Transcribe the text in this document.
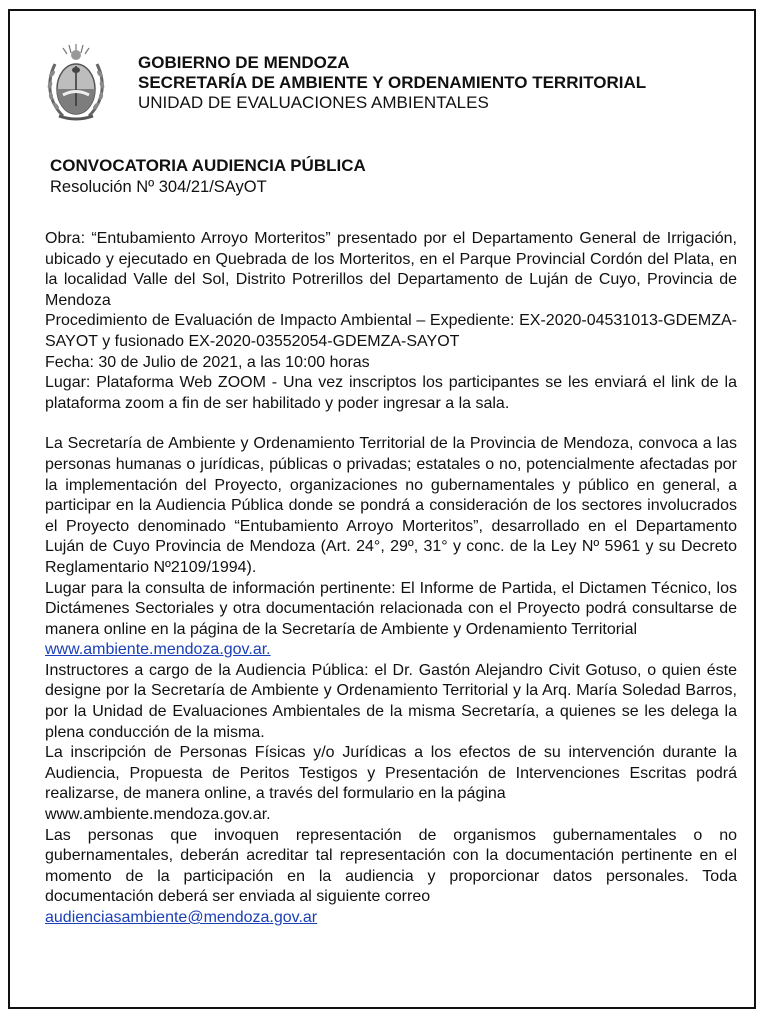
GOBIERNO DE MENDOZA
SECRETARÍA DE AMBIENTE Y ORDENAMIENTO TERRITORIAL
UNIDAD DE EVALUACIONES AMBIENTALES
CONVOCATORIA AUDIENCIA PÚBLICA
Resolución Nº 304/21/SAyOT

Obra: “Entubamiento Arroyo Morteritos” presentado por el Departamento General de Irrigación, ubicado y ejecutado en Quebrada de los Morteritos, en el Parque Provincial Cordón del Plata, en la localidad Valle del Sol, Distrito Potrerillos del Departamento de Luján de Cuyo, Provincia de Mendoza

Procedimiento de Evaluación de Impacto Ambiental – Expediente: EX-2020-04531013-GDEMZA-SAYOT y fusionado EX-2020-03552054-GDEMZA-SAYOT

Fecha: 30 de Julio de 2021, a las 10:00 horas

Lugar: Plataforma Web ZOOM - Una vez inscriptos los participantes se les enviará el link de la plataforma zoom a fin de ser habilitado y poder ingresar a la sala.

La Secretaría de Ambiente y Ordenamiento Territorial de la Provincia de Mendoza, convoca a las personas humanas o jurídicas, públicas o privadas; estatales o no, potencialmente afectadas por la implementación del Proyecto, organizaciones no gubernamentales y público en general, a participar en la Audiencia Pública donde se pondrá a consideración de los sectores involucrados el Proyecto denominado “Entubamiento Arroyo Morteritos”, desarrollado en el Departamento Luján de Cuyo Provincia de Mendoza (Art. 24°, 29º, 31° y conc. de la Ley Nº 5961 y su Decreto Reglamentario Nº2109/1994).

Lugar para la consulta de información pertinente: El Informe de Partida, el Dictamen Técnico, los Dictámenes Sectoriales y otra documentación relacionada con el Proyecto podrá consultarse de manera online en la página de la Secretaría de Ambiente y Ordenamiento Territorial

www.ambiente.mendoza.gov.ar.

Instructores a cargo de la Audiencia Pública: el Dr. Gastón Alejandro Civit Gotuso, o quien éste designe por la Secretaría de Ambiente y Ordenamiento Territorial y la Arq. María Soledad Barros, por la Unidad de Evaluaciones Ambientales de la misma Secretaría, a quienes se les delega la plena conducción de la misma.

La inscripción de Personas Físicas y/o Jurídicas a los efectos de su intervención durante la Audiencia, Propuesta de Peritos Testigos y Presentación de Intervenciones Escritas podrá realizarse, de manera online, a través del formulario en la página

www.ambiente.mendoza.gov.ar.

Las personas que invoquen representación de organismos gubernamentales o no gubernamentales, deberán acreditar tal representación con la documentación pertinente en el momento de la participación en la audiencia y proporcionar datos personales. Toda documentación deberá ser enviada al siguiente correo

audienciasambiente@mendoza.gov.ar
